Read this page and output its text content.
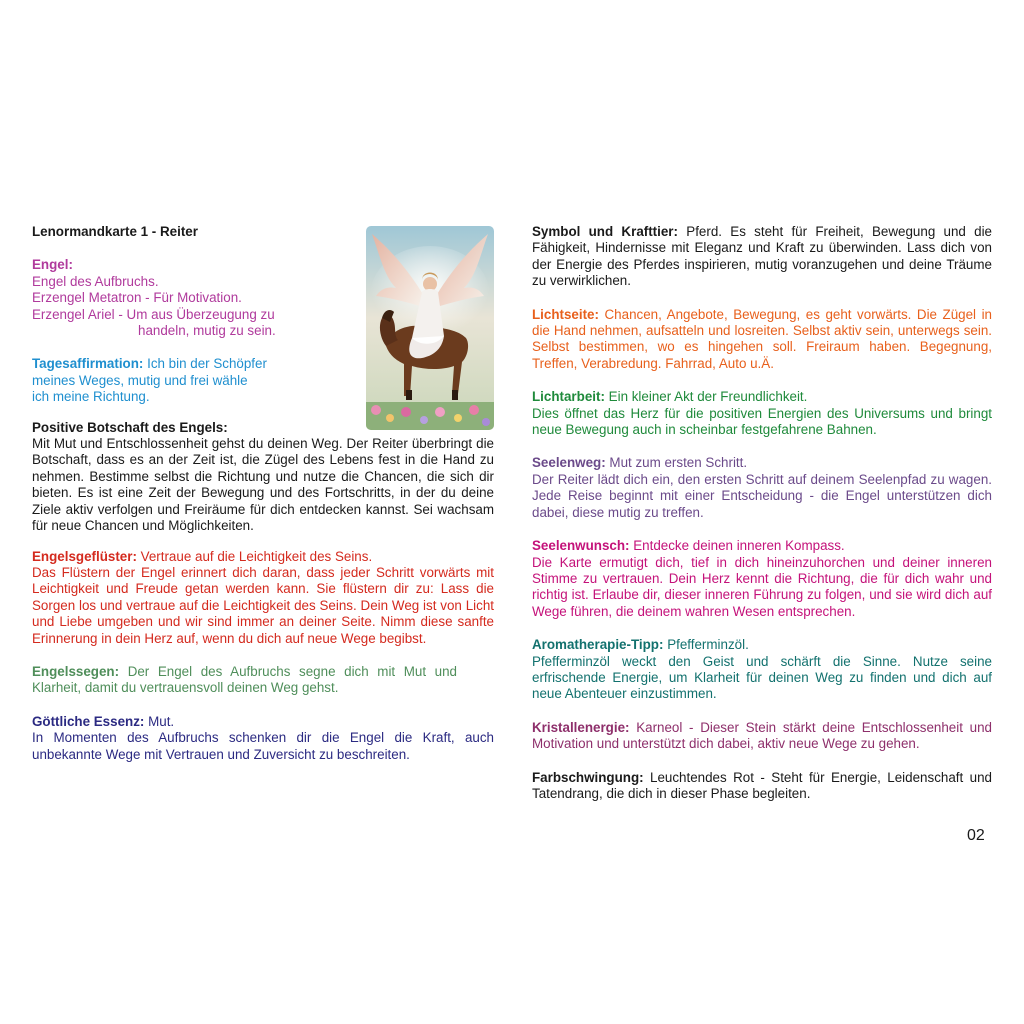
Lenormandkarte 1 - Reiter

Engel:
Engel des Aufbruchs.
Erzengel Metatron - Für Motivation.
Erzengel Ariel - Um aus Überzeugung zu
handeln, mutig zu sein.
Tagesaffirmation: Ich bin der Schöpfer
meines Weges, mutig und frei wähle
ich meine Richtung.
Positive Botschaft des Engels:
Mit Mut und Entschlossenheit gehst du deinen Weg. Der Reiter überbringt die Botschaft, dass es an der Zeit ist, die Zügel des Lebens fest in die Hand zu nehmen. Bestimme selbst die Richtung und nutze die Chancen, die sich dir bieten. Es ist eine Zeit der Bewegung und des Fortschritts, in der du deine Ziele aktiv verfolgen und Freiräume für dich entdecken kannst. Sei wachsam für neue Chancen und Möglichkeiten.
Engelsgeflüster: Vertraue auf die Leichtigkeit des Seins.
Das Flüstern der Engel erinnert dich daran, dass jeder Schritt vorwärts mit Leichtigkeit und Freude getan werden kann. Sie flüstern dir zu: Lass die Sorgen los und vertraue auf die Leichtigkeit des Seins. Dein Weg ist von Licht und Liebe umgeben und wir sind immer an deiner Seite. Nimm diese sanfte Erinnerung in dein Herz auf, wenn du dich auf neue Wege begibst.
Engelssegen: Der Engel des Aufbruchs segne dich mit Mut und Klarheit, damit du vertrauensvoll deinen Weg gehst.
Göttliche Essenz: Mut.
In Momenten des Aufbruchs schenken dir die Engel die Kraft, auch unbekannte Wege mit Vertrauen und Zuversicht zu beschreiten.
Symbol und Krafttier: Pferd. Es steht für Freiheit, Bewegung und die Fähigkeit, Hindernisse mit Eleganz und Kraft zu überwinden. Lass dich von der Energie des Pferdes inspirieren, mutig voranzugehen und deine Träume zu verwirklichen.
Lichtseite: Chancen, Angebote, Bewegung, es geht vorwärts. Die Zügel in die Hand nehmen, aufsatteln und losreiten. Selbst aktiv sein, unterwegs sein. Selbst bestimmen, wo es hingehen soll. Freiraum haben. Begegnung, Treffen, Verabredung. Fahrrad, Auto u.Ä.
Lichtarbeit: Ein kleiner Akt der Freundlichkeit.
Dies öffnet das Herz für die positiven Energien des Universums und bringt neue Bewegung auch in scheinbar festgefahrene Bahnen.
Seelenweg: Mut zum ersten Schritt.
Der Reiter lädt dich ein, den ersten Schritt auf deinem Seelenpfad zu wagen. Jede Reise beginnt mit einer Entscheidung - die Engel unterstützen dich dabei, diese mutig zu treffen.
Seelenwunsch: Entdecke deinen inneren Kompass.
Die Karte ermutigt dich, tief in dich hineinzuhorchen und deiner inneren Stimme zu vertrauen. Dein Herz kennt die Richtung, die für dich wahr und richtig ist. Erlaube dir, dieser inneren Führung zu folgen, und sie wird dich auf Wege führen, die deinem wahren Wesen entsprechen.
Aromatherapie-Tipp: Pfefferminzöl.
Pfefferminzöl weckt den Geist und schärft die Sinne. Nutze seine erfrischende Energie, um Klarheit für deinen Weg zu finden und dich auf neue Abenteuer einzustimmen.
Kristallenergie: Karneol - Dieser Stein stärkt deine Entschlossenheit und Motivation und unterstützt dich dabei, aktiv neue Wege zu gehen.
Farbschwingung: Leuchtendes Rot - Steht für Energie, Leidenschaft und Tatendrang, die dich in dieser Phase begleiten.
02
